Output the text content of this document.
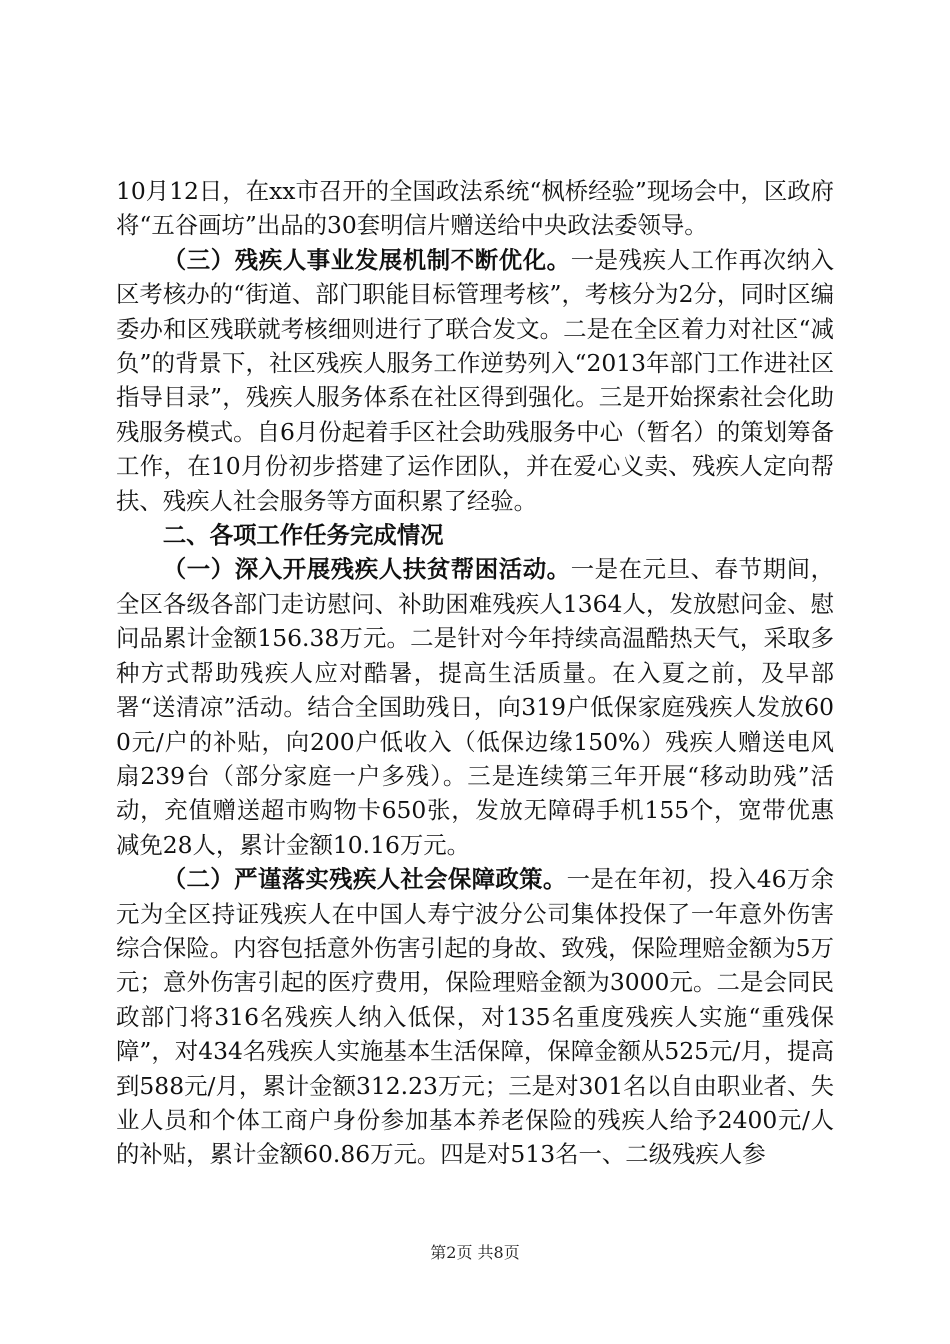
10月12日，在xx市召开的全国政法系统“枫桥经验”现场会中，区政府将“五谷画坊”出品的30套明信片赠送给中央政法委领导。

（三）残疾人事业发展机制不断优化。一是残疾人工作再次纳入区考核办的“街道、部门职能目标管理考核”，考核分为2分，同时区编委办和区残联就考核细则进行了联合发文。二是在全区着力对社区“减负”的背景下，社区残疾人服务工作逆势列入“2013年部门工作进社区指导目录”，残疾人服务体系在社区得到强化。三是开始探索社会化助残服务模式。自6月份起着手区社会助残服务中心（暂名）的策划筹备工作，在10月份初步搭建了运作团队，并在爱心义卖、残疾人定向帮扶、残疾人社会服务等方面积累了经验。

二、各项工作任务完成情况

（一）深入开展残疾人扶贫帮困活动。一是在元旦、春节期间，全区各级各部门走访慰问、补助困难残疾人1364人，发放慰问金、慰问品累计金额156.38万元。二是针对今年持续高温酷热天气，采取多种方式帮助残疾人应对酷暑，提高生活质量。在入夏之前，及早部署“送清凉”活动。结合全国助残日，向319户低保家庭残疾人发放600元/户的补贴，向200户低收入（低保边缘150%）残疾人赠送电风扇239台（部分家庭一户多残）。三是连续第三年开展“移动助残”活动，充值赠送超市购物卡650张，发放无障碍手机155个，宽带优惠减免28人，累计金额10.16万元。

（二）严谨落实残疾人社会保障政策。一是在年初，投入46万余元为全区持证残疾人在中国人寿宁波分公司集体投保了一年意外伤害综合保险。内容包括意外伤害引起的身故、致残，保险理赔金额为5万元；意外伤害引起的医疗费用，保险理赔金额为3000元。二是会同民政部门将316名残疾人纳入低保，对135名重度残疾人实施“重残保障”，对434名残疾人实施基本生活保障，保障金额从525元/月，提高到588元/月，累计金额312.23万元；三是对301名以自由职业者、失业人员和个体工商户身份参加基本养老保险的残疾人给予2400元/人的补贴，累计金额60.86万元。四是对513名一、二级残疾人参

第2页 共8页
